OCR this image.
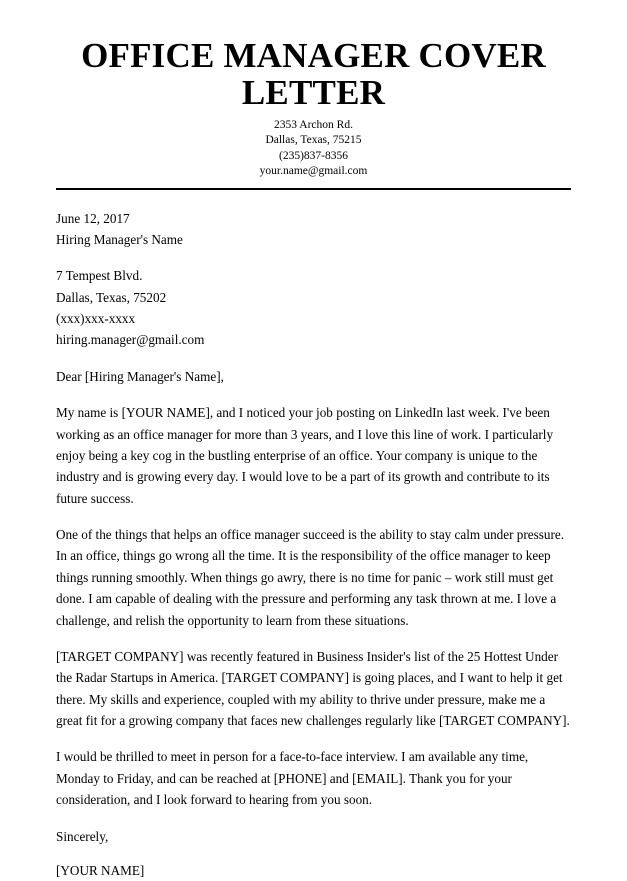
OFFICE MANAGER COVER LETTER
2353 Archon Rd.
Dallas, Texas, 75215
(235)837-8356
your.name@gmail.com
June 12, 2017
Hiring Manager's Name
7 Tempest Blvd.
Dallas, Texas, 75202
(xxx)xxx-xxxx
hiring.manager@gmail.com
Dear [Hiring Manager's Name],

My name is [YOUR NAME], and I noticed your job posting on LinkedIn last week. I've been working as an office manager for more than 3 years, and I love this line of work. I particularly enjoy being a key cog in the bustling enterprise of an office. Your company is unique to the industry and is growing every day. I would love to be a part of its growth and contribute to its future success.

One of the things that helps an office manager succeed is the ability to stay calm under pressure. In an office, things go wrong all the time. It is the responsibility of the office manager to keep things running smoothly. When things go awry, there is no time for panic – work still must get done. I am capable of dealing with the pressure and performing any task thrown at me. I love a challenge, and relish the opportunity to learn from these situations.

[TARGET COMPANY] was recently featured in Business Insider's list of the 25 Hottest Under the Radar Startups in America. [TARGET COMPANY] is going places, and I want to help it get there. My skills and experience, coupled with my ability to thrive under pressure, make me a great fit for a growing company that faces new challenges regularly like [TARGET COMPANY].

I would be thrilled to meet in person for a face-to-face interview. I am available any time, Monday to Friday, and can be reached at [PHONE] and [EMAIL]. Thank you for your consideration, and I look forward to hearing from you soon.

Sincerely,
[YOUR NAME]
